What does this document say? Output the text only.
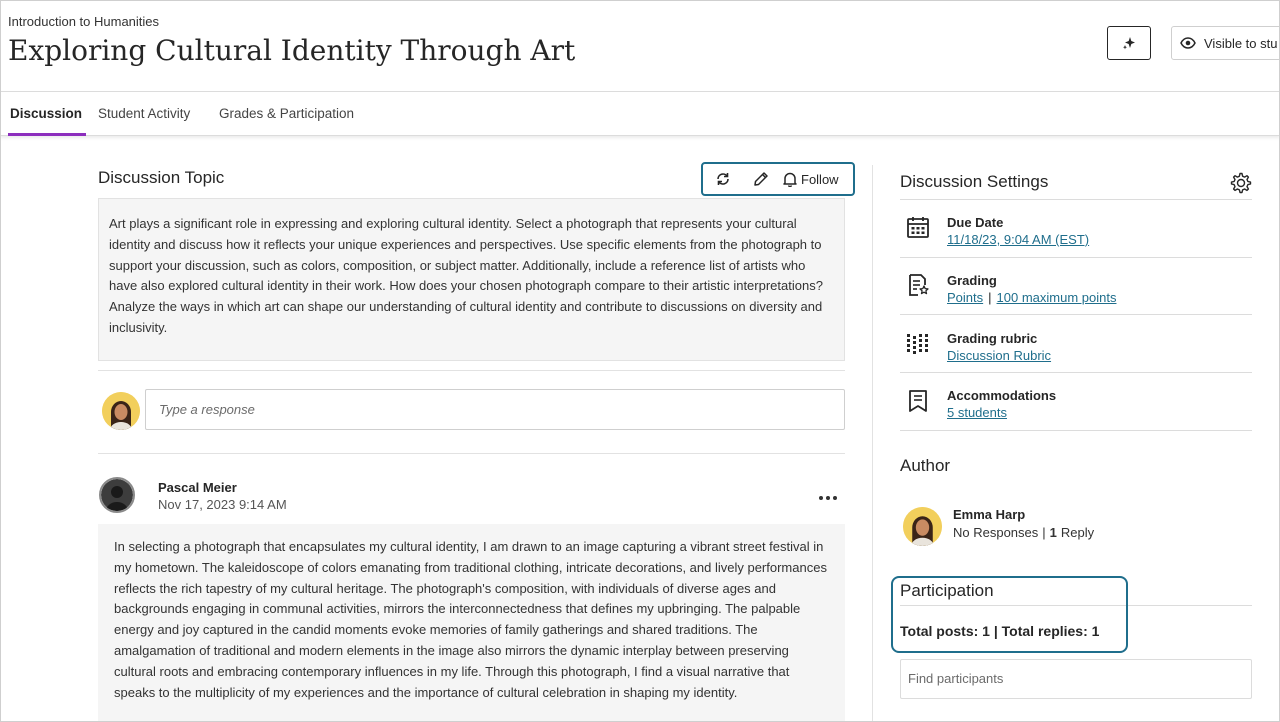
Introduction to Humanities
Exploring Cultural Identity Through Art	Visible to stu
Discussion Student Activity Grades & Participation
Discussion Topic	Follow
Art plays a significant role in expressing and exploring cultural identity. Select a photograph that represents your cultural identity and discuss how it reflects your unique experiences and perspectives. Use specific elements from the photograph to support your discussion, such as colors, composition, or subject matter. Additionally, include a reference list of artists who have also explored cultural identity in their work. How does your chosen photograph compare to their artistic interpretations? Analyze the ways in which art can shape our understanding of cultural identity and contribute to discussions on diversity and inclusivity.
Type a response
Pascal Meier
Nov 17, 2023 9:14 AM
In selecting a photograph that encapsulates my cultural identity, I am drawn to an image capturing a vibrant street festival in my hometown. The kaleidoscope of colors emanating from traditional clothing, intricate decorations, and lively performances reflects the rich tapestry of my cultural heritage. The photograph's composition, with individuals of diverse ages and backgrounds engaging in communal activities, mirrors the interconnectedness that defines my upbringing. The palpable energy and joy captured in the candid moments evoke memories of family gatherings and shared traditions. The amalgamation of traditional and modern elements in the image also mirrors the dynamic interplay between preserving cultural roots and embracing contemporary influences in my life. Through this photograph, I find a visual narrative that speaks to the multiplicity of my experiences and the importance of cultural celebration in shaping my identity.
Discussion Settings
Due Date
11/18/23, 9:04 AM (EST)
Grading
Points | 100 maximum points
Grading rubric
Discussion Rubric
Accommodations
5 students
Author
Emma Harp
No Responses | 1 Reply
Participation
Total posts: 1 | Total replies: 1
Find participants
